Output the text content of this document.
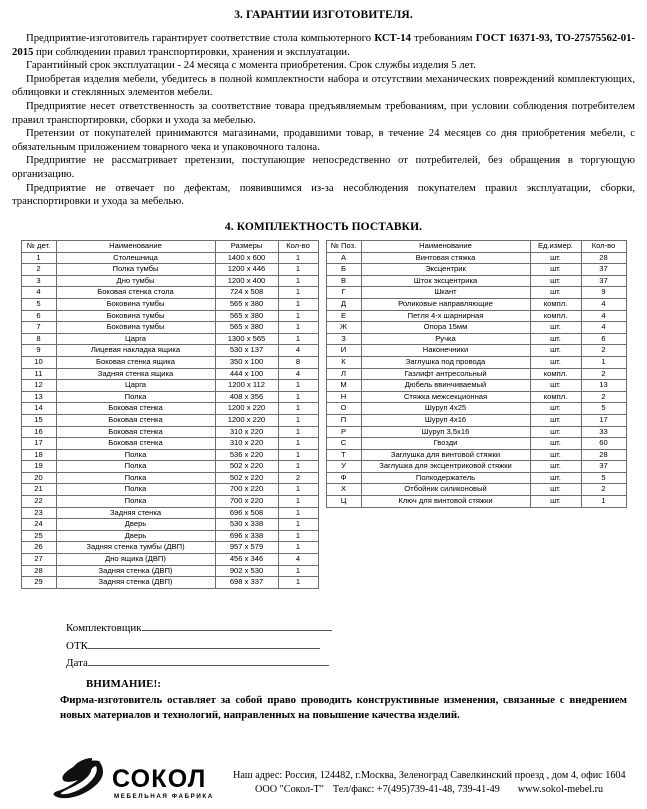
3. ГАРАНТИИ ИЗГОТОВИТЕЛЯ.

Предприятие-изготовитель гарантирует соответствие стола компьютерного КСТ-14 требованиям ГОСТ 16371-93, ТО-27575562-01-2015 при соблюдении правил транспортировки, хранения и эксплуатации.

Гарантийный срок эксплуатации - 24 месяца с момента приобретения. Срок службы изделия 5 лет.

Приобретая изделия мебели, убедитесь в полной комплектности набора и отсутствии механических повреждений комплектующих, облицовки и стеклянных элементов мебели.

Предприятие несет ответственность за соответствие товара предъявляемым требованиям, при условии соблюдения потребителем правил транспортировки, сборки и ухода за мебелью.

Претензии от покупателей принимаются магазинами, продавшими товар, в течение 24 месяцев со дня приобретения мебели, с обязательным приложением товарного чека и упаковочного талона.

Предприятие не рассматривает претензии, поступающие непосредственно от потребителей, без обращения в торгующую организацию.

Предприятие не отвечает по дефектам, появившимся из-за несоблюдения покупателем правил эксплуатации, сборки, транспортировки и ухода за мебелью.

4. КОМПЛЕКТНОСТЬ ПОСТАВКИ.
№ дет.	Наименование	Размеры	Кол-во
1	Столешница	1400 x 600	1
2	Полка тумбы	1200 x 446	1
3	Дно тумбы	1200 x 400	1
4	Боковая стенка стола	724 x 508	1
5	Боковина тумбы	565 x 380	1
6	Боковина тумбы	565 x 380	1
7	Боковина тумбы	565 x 380	1
8	Царга	1300 x 565	1
9	Лицевая накладка ящика	530 x 137	4
10	Боковая стенка ящика	350 x 100	8
11	Задняя стенка ящика	444 x 100	4
12	Царга	1200 x 112	1
13	Полка	408 x 356	1
14	Боковая стенка	1200 x 220	1
15	Боковая стенка	1200 x 220	1
16	Боковая стенка	310 x 220	1
17	Боковая стенка	310 x 220	1
18	Полка	536 x 220	1
19	Полка	502 x 220	1
20	Полка	502 x 220	2
21	Полка	700 x 220	1
22	Полка	700 x 220	1
23	Задняя стенка	696 x 508	1
24	Дверь	530 x 338	1
25	Дверь	696 x 338	1
26	Задняя стенка тумбы (ДВП)	957 x 579	1
27	Дно ящика (ДВП)	456 x 346	4
28	Задняя стенка (ДВП)	902 x 530	1
29	Задняя стенка (ДВП)	698 x 337	1
№ Поз.	Наименование	Ед.измер.	Кол-во
А	Винтовая стяжка	шт.	28
Б	Эксцентрик	шт.	37
В	Шток эксцентрика	шт.	37
Г	Шкант	шт.	9
Д	Роликовые направляющие	компл.	4
Е	Петля 4-х шарнирная	компл.	4
Ж	Опора 15мм	шт.	4
З	Ручка	шт.	6
И	Наконечники	шт.	2
К	Заглушка под провода	шт.	1
Л	Газлифт антресольный	компл.	2
М	Дюбель ввинчиваемый	шт.	13
Н	Стяжка межсекционная	компл.	2
О	Шуруп 4х25	шт.	5
П	Шуруп 4х16	шт.	17
Р	Шуруп 3,5х16	шт.	33
С	Гвозди	шт.	60
Т	Заглушка для винтовой стяжки	шт.	28
У	Заглушка для эксцентриковой стяжки	шт.	37
Ф	Полкодержатель	шт.	5
Х	Отбойник силиконовый	шт.	2
Ц	Ключ для винтовой стяжки	шт.	1
Комплектовщик
ОТК
Дата
ВНИМАНИЕ!:
Фирма-изготовитель оставляет за собой право проводить конструктивные изменения, связанные с внедрением новых материалов и технологий, направленных на повышение качества изделий.
СОКОЛ
МЕБЕЛЬНАЯ ФАБРИКА
Наш адрес: Россия, 124482, г.Москва, Зеленоград Савелкинский проезд , дом 4, офис 1604
ООО "Сокол-Т" Тел/факс: +7(495)739-41-48, 739-41-49 www.sokol-mebel.ru
